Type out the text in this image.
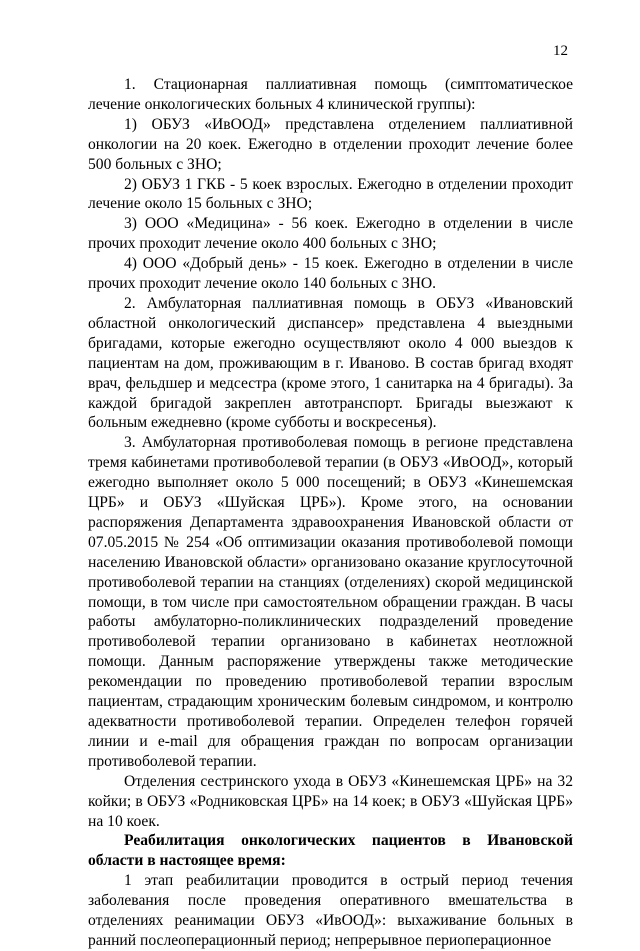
12

1. Стационарная паллиативная помощь (симптоматическое лечение онкологических больных 4 клинической группы):

1) ОБУЗ «ИвООД» представлена отделением паллиативной онкологии на 20 коек. Ежегодно в отделении проходит лечение более 500 больных с ЗНО;

2) ОБУЗ 1 ГКБ - 5 коек взрослых. Ежегодно в отделении проходит лечение около 15 больных с ЗНО;

3) ООО «Медицина» - 56 коек. Ежегодно в отделении в числе прочих проходит лечение около 400 больных с ЗНО;

4) ООО «Добрый день» - 15 коек. Ежегодно в отделении в числе прочих проходит лечение около 140 больных с ЗНО.

2. Амбулаторная паллиативная помощь в ОБУЗ «Ивановский областной онкологический диспансер» представлена 4 выездными бригадами, которые ежегодно осуществляют около 4 000 выездов к пациентам на дом, проживающим в г. Иваново. В состав бригад входят врач, фельдшер и медсестра (кроме этого, 1 санитарка на 4 бригады). За каждой бригадой закреплен автотранспорт. Бригады выезжают к больным ежедневно (кроме субботы и воскресенья).

3. Амбулаторная противоболевая помощь в регионе представлена тремя кабинетами противоболевой терапии (в ОБУЗ «ИвООД», который ежегодно выполняет около 5 000 посещений; в ОБУЗ «Кинешемская ЦРБ» и ОБУЗ «Шуйская ЦРБ»). Кроме этого, на основании распоряжения Департамента здравоохранения Ивановской области от 07.05.2015 № 254 «Об оптимизации оказания противоболевой помощи населению Ивановской области» организовано оказание круглосуточной противоболевой терапии на станциях (отделениях) скорой медицинской помощи, в том числе при самостоятельном обращении граждан. В часы работы амбулаторно-поликлинических подразделений проведение противоболевой терапии организовано в кабинетах неотложной помощи. Данным распоряжение утверждены также методические рекомендации по проведению противоболевой терапии взрослым пациентам, страдающим хроническим болевым синдромом, и контролю адекватности противоболевой терапии. Определен телефон горячей линии и e-mail для обращения граждан по вопросам организации противоболевой терапии.

Отделения сестринского ухода в ОБУЗ «Кинешемская ЦРБ» на 32 койки; в ОБУЗ «Родниковская ЦРБ» на 14 коек; в ОБУЗ «Шуйская ЦРБ» на 10 коек.

Реабилитация онкологических пациентов в Ивановской области в настоящее время:

1 этап реабилитации проводится в острый период течения заболевания после проведения оперативного вмешательства в отделениях реанимации ОБУЗ «ИвООД»: выхаживание больных в ранний послеоперационный период; непрерывное периоперационное
